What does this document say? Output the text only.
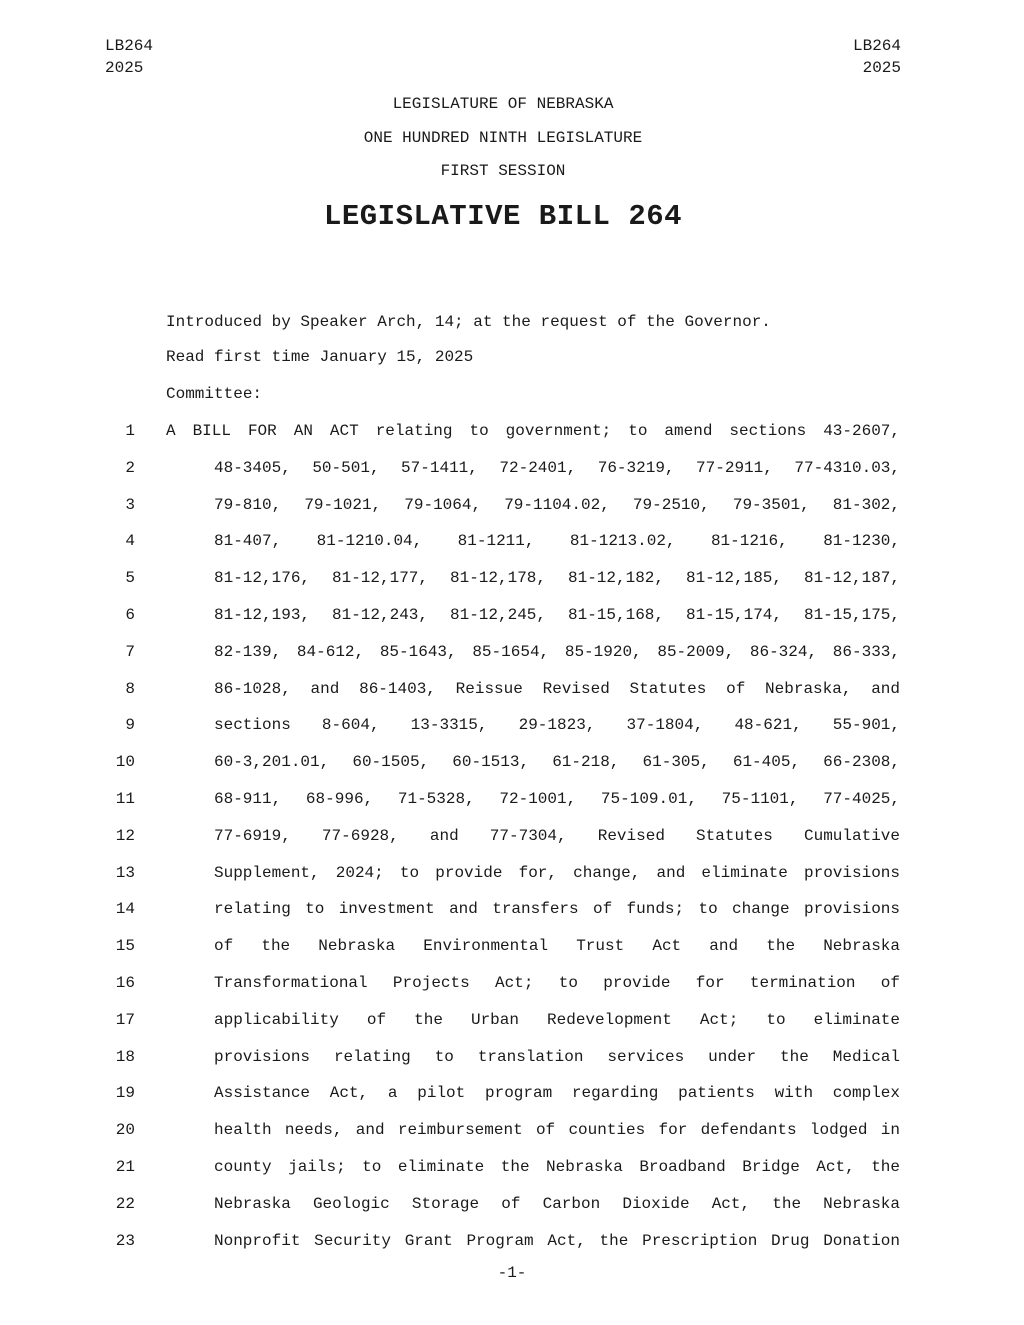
LB264
2025
LB264
2025
LEGISLATURE OF NEBRASKA
ONE HUNDRED NINTH LEGISLATURE
FIRST SESSION
LEGISLATIVE BILL 264
Introduced by Speaker Arch, 14; at the request of the Governor.
Read first time January 15, 2025
Committee:
1 A BILL FOR AN ACT relating to government; to amend sections 43-2607,
2	48-3405, 50-501, 57-1411, 72-2401, 76-3219, 77-2911, 77-4310.03,
3	79-810, 79-1021, 79-1064, 79-1104.02, 79-2510, 79-3501, 81-302,
4	81-407, 81-1210.04, 81-1211, 81-1213.02, 81-1216, 81-1230,
5	81-12,176, 81-12,177, 81-12,178, 81-12,182, 81-12,185, 81-12,187,
6	81-12,193, 81-12,243, 81-12,245, 81-15,168, 81-15,174, 81-15,175,
7	82-139, 84-612, 85-1643, 85-1654, 85-1920, 85-2009, 86-324, 86-333,
8	86-1028, and 86-1403, Reissue Revised Statutes of Nebraska, and
9	sections 8-604, 13-3315, 29-1823, 37-1804, 48-621, 55-901,
10	60-3,201.01, 60-1505, 60-1513, 61-218, 61-305, 61-405, 66-2308,
11	68-911, 68-996, 71-5328, 72-1001, 75-109.01, 75-1101, 77-4025,
12	77-6919, 77-6928, and 77-7304, Revised Statutes Cumulative
13	Supplement, 2024; to provide for, change, and eliminate provisions
14	relating to investment and transfers of funds; to change provisions
15	of the Nebraska Environmental Trust Act and the Nebraska
16	Transformational Projects Act; to provide for termination of
17	applicability of the Urban Redevelopment Act; to eliminate
18	provisions relating to translation services under the Medical
19	Assistance Act, a pilot program regarding patients with complex
20	health needs, and reimbursement of counties for defendants lodged in
21	county jails; to eliminate the Nebraska Broadband Bridge Act, the
22	Nebraska Geologic Storage of Carbon Dioxide Act, the Nebraska
23	Nonprofit Security Grant Program Act, the Prescription Drug Donation
-1-
